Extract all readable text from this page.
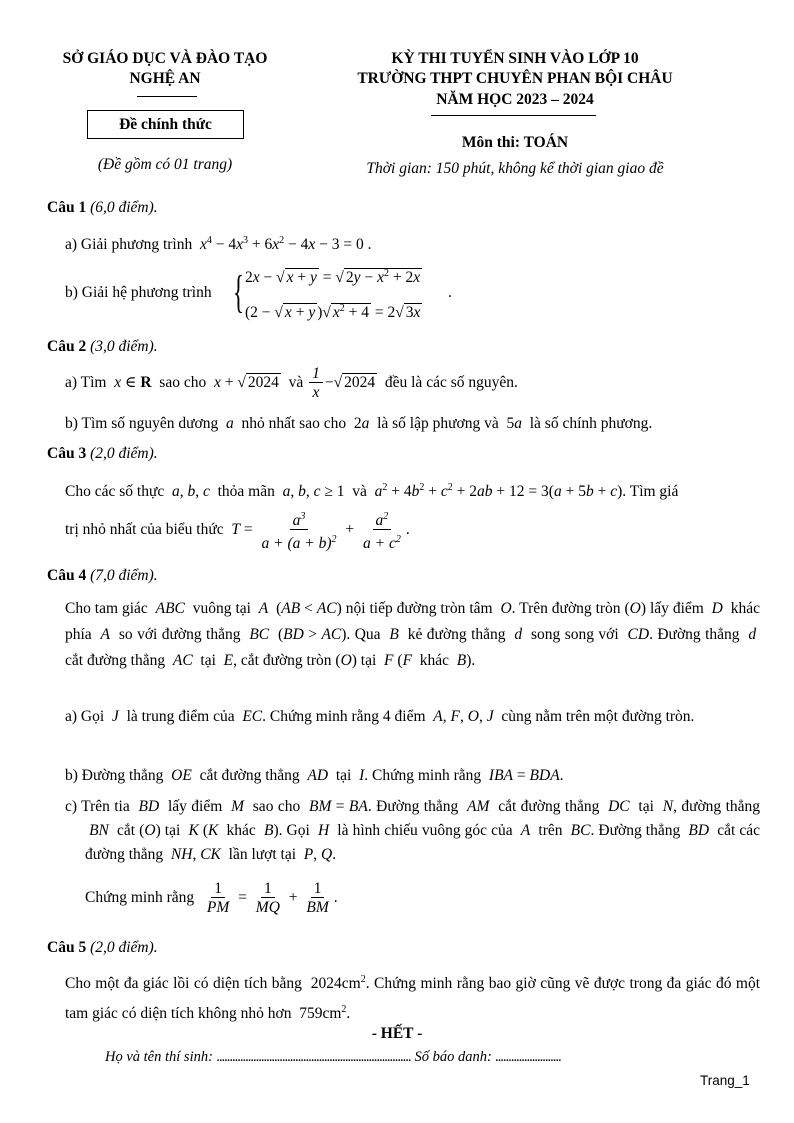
SỞ GIÁO DỤC VÀ ĐÀO TẠO
NGHỆ AN
Đề chính thức
(Đề gồm có 01 trang)
KỲ THI TUYỂN SINH VÀO LỚP 10
TRƯỜNG THPT CHUYÊN PHAN BỘI CHÂU
NĂM HỌC 2023 – 2024
Môn thi: TOÁN
Thời gian: 150 phút, không kể thời gian giao đề
Câu 1 (6,0 điểm).
a) Giải phương trình  $x^4 - 4x^3 + 6x^2 - 4x - 3 = 0$ .
b) Giải hệ phương trình { 2x − √ x + y = √ $2y - x^2 + 2x$
(2 − √ x + y )√ $x^2 + 4 = 2√$ 3x
.
Câu 2 (3,0 điểm).
a) Tìm  x ∈ R  sao cho  x + √ 2024  và $\frac{1}{x}$ −√ 2024  đều là các số nguyên.
b) Tìm số nguyên dương  a  nhỏ nhất sao cho  2a  là số lập phương và  5a  là số chính phương.
Câu 3 (2,0 điểm).
Cho các số thực  a, b, c  thỏa mãn  a, b, c ≥ 1  và  $a^2 + 4b^2 + c^2 + 2ab + 12 = 3(a + 5b + c)$. Tìm giá
trị nhỏ nhất của biểu thức  $T = \frac{a^3}{a + (a + b)^2} + \frac{a^2}{a + c^2}$ .
Câu 4 (7,0 điểm).
Cho tam giác  ABC  vuông tại  A  (AB < AC) nội tiếp đường tròn tâm  O. Trên đường tròn (O) lấy điểm  D  khác phía  A  so với đường thẳng  BC  (BD > AC). Qua  B  kẻ đường thẳng  d  song song với  CD. Đường thẳng  d  cắt đường thẳng  AC  tại  E, cắt đường tròn (O) tại  F (F  khác  B).
a) Gọi  J  là trung điểm của  EC. Chứng minh rằng 4 điểm  A, F, O, J  cùng nằm trên một đường tròn.
b) Đường thẳng  OE  cắt đường thẳng  AD  tại  I. Chứng minh rằng  IBA = BDA.
c) Trên tia  BD  lấy điểm  M  sao cho  BM = BA. Đường thẳng  AM  cắt đường thẳng  DC  tại  N, đường thẳng  BN  cắt (O) tại  K (K  khác  B). Gọi  H  là hình chiếu vuông góc của  A  trên  BC. Đường thẳng  BD  cắt các đường thẳng  NH, CK  lần lượt tại  P, Q.
Chứng minh rằng $\frac{1}{PM} = \frac{1}{MQ} + \frac{1}{BM}$ .
Câu 5 (2,0 điểm).
Cho một đa giác lồi có diện tích bằng  $2024cm^2$. Chứng minh rằng bao giờ cũng vẽ được trong đa giác đó một tam giác có diện tích không nhỏ hơn  $759cm^2$.
- HẾT -
Họ và tên thí sinh: .......................................................................... Số báo danh: .........................
Trang_1
